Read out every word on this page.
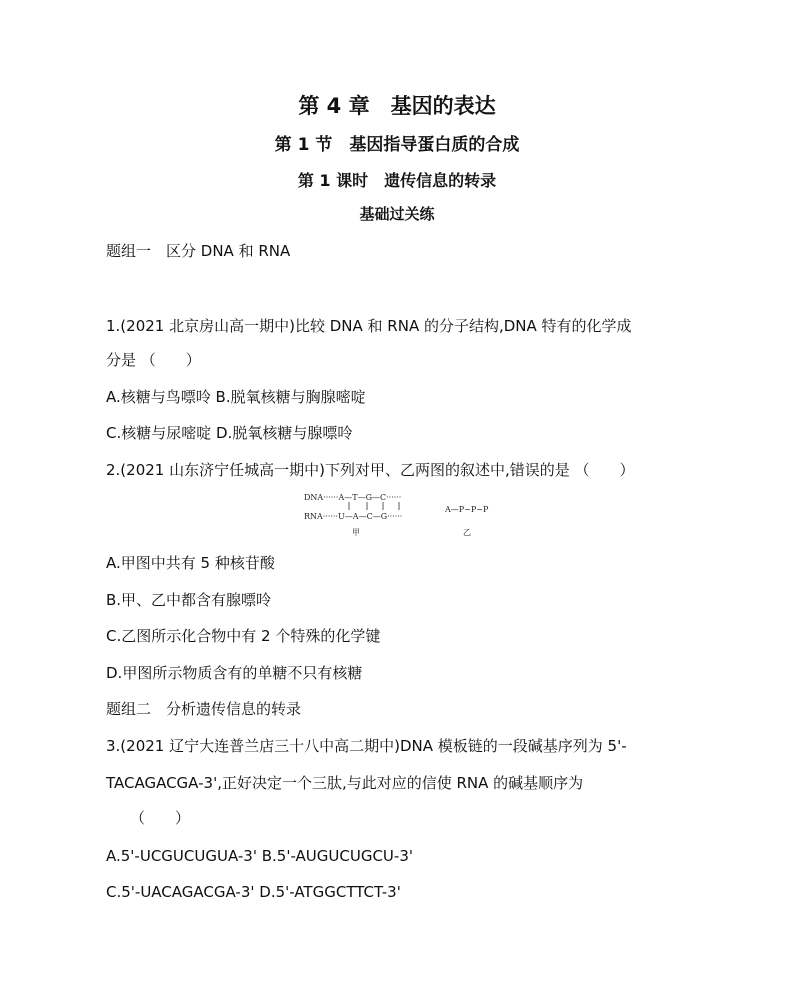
第 4 章　基因的表达
第 1 节　基因指导蛋白质的合成
第 1 课时　遗传信息的转录
基础过关练
题组一　区分 DNA 和 RNA
1.(2021 北京房山高一期中)比较 DNA 和 RNA 的分子结构,DNA 特有的化学成
分是 （　　）
A.核糖与鸟嘌呤 B.脱氧核糖与胸腺嘧啶
C.核糖与尿嘧啶 D.脱氧核糖与腺嘌呤
2.(2021 山东济宁任城高一期中)下列对甲、乙两图的叙述中,错误的是 （　　）
DNA······A—T—G—C······
RNA······U—A—C—G······
甲
A—P~P~P
乙
A.甲图中共有 5 种核苷酸
B.甲、乙中都含有腺嘌呤
C.乙图所示化合物中有 2 个特殊的化学键
D.甲图所示物质含有的单糖不只有核糖
题组二　分析遗传信息的转录
3.(2021 辽宁大连普兰店三十八中高二期中)DNA 模板链的一段碱基序列为 5'-
TACAGACGA-3',正好决定一个三肽,与此对应的信使 RNA 的碱基顺序为
（　　）
A.5'-UCGUCUGUA-3' B.5'-AUGUCUGCU-3'
C.5'-UACAGACGA-3' D.5'-ATGGCTTCT-3'
